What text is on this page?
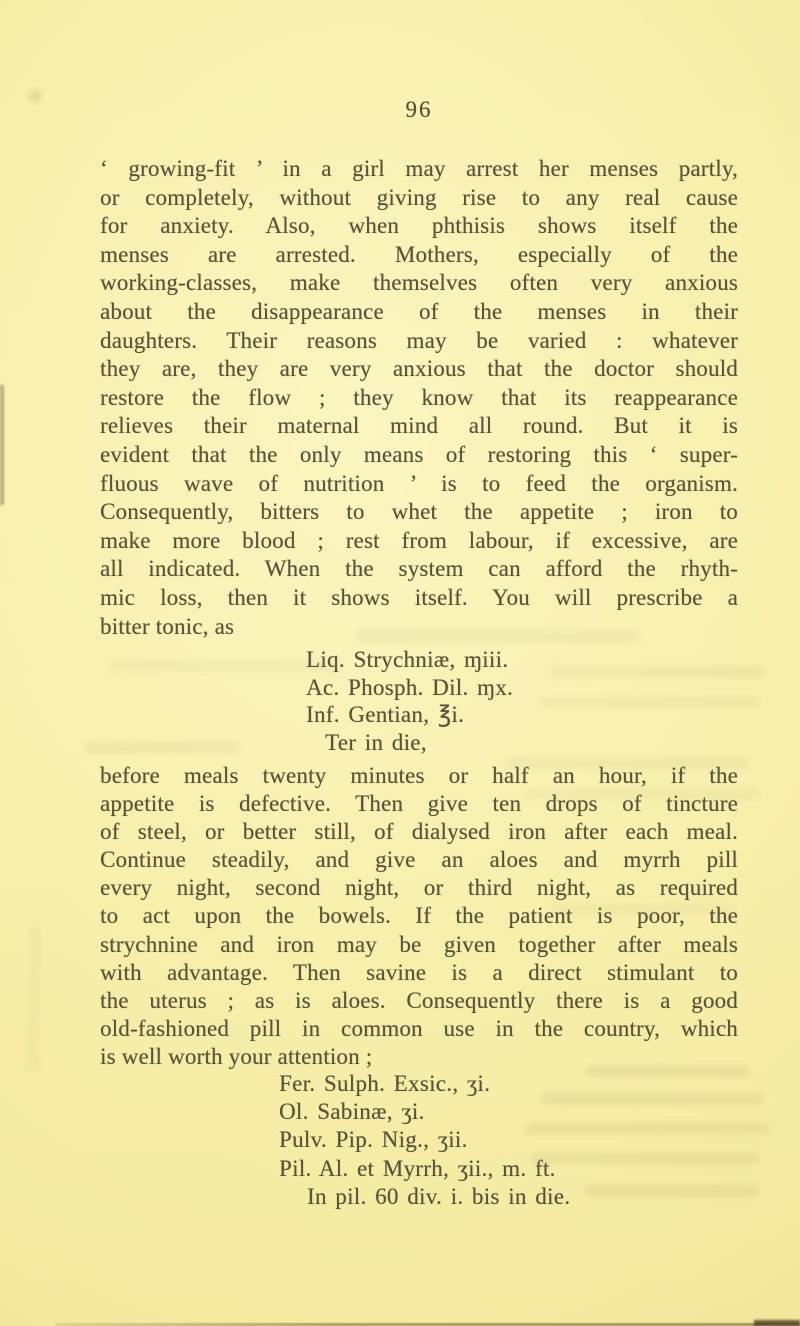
96
‘ growing-fit ’ in a girl may arrest her menses partly,
or completely, without giving rise to any real cause
for anxiety. Also, when phthisis shows itself the
menses are arrested. Mothers, especially of the
working-classes, make themselves often very anxious
about the disappearance of the menses in their
daughters. Their reasons may be varied : whatever
they are, they are very anxious that the doctor should
restore the flow ; they know that its reappearance
relieves their maternal mind all round. But it is
evident that the only means of restoring this ‘ super-
fluous wave of nutrition ’ is to feed the organism.
Consequently, bitters to whet the appetite ; iron to
make more blood ; rest from labour, if excessive, are
all indicated. When the system can afford the rhyth-
mic loss, then it shows itself. You will prescribe a
bitter tonic, as
Liq. Strychniæ, ɱiii.
Ac. Phosph. Dil. ɱx.
Inf. Gentian, ℥i.
Ter in die,
before meals twenty minutes or half an hour, if the
appetite is defective. Then give ten drops of tincture
of steel, or better still, of dialysed iron after each meal.
Continue steadily, and give an aloes and myrrh pill
every night, second night, or third night, as required
to act upon the bowels. If the patient is poor, the
strychnine and iron may be given together after meals
with advantage. Then savine is a direct stimulant to
the uterus ; as is aloes. Consequently there is a good
old-fashioned pill in common use in the country, which
is well worth your attention ;
Fer. Sulph. Exsic., ʒi.
Ol. Sabinæ, ʒi.
Pulv. Pip. Nig., ʒii.
Pil. Al. et Myrrh, ʒii., m. ft.
In pil. 60 div. i. bis in die.
